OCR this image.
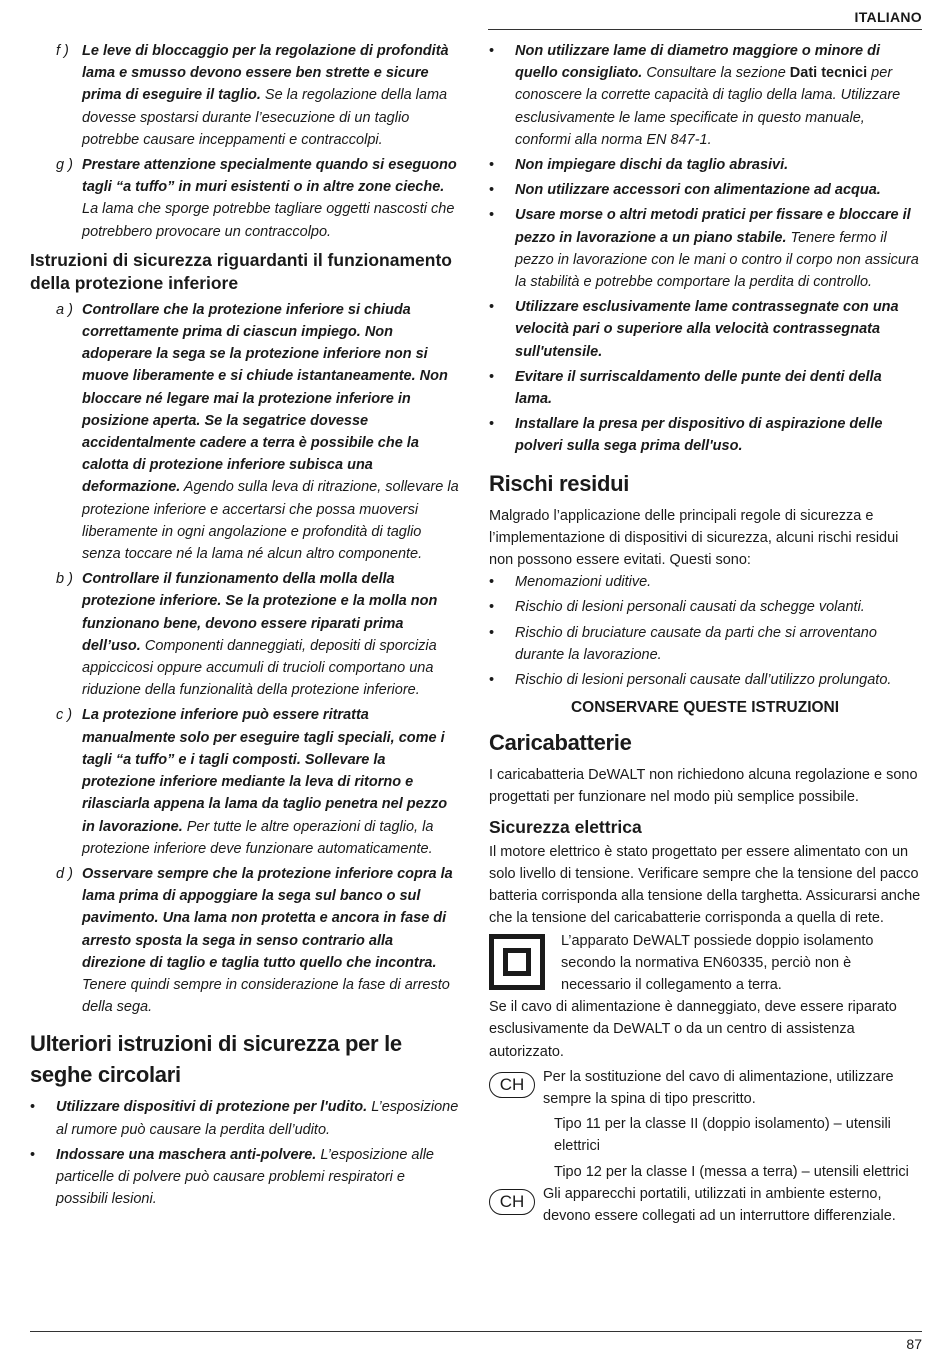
ITALIANO
f ) Le leve di bloccaggio per la regolazione di profondità lama e smusso devono essere ben strette e sicure prima di eseguire il taglio. Se la regolazione della lama dovesse spostarsi durante l’esecuzione di un taglio potrebbe causare inceppamenti e contraccolpi.
g ) Prestare attenzione specialmente quando si eseguono tagli “a tuffo” in muri esistenti o in altre zone cieche. La lama che sporge potrebbe tagliare oggetti nascosti che potrebbero provocare un contraccolpo.
Istruzioni di sicurezza riguardanti il funzionamento della protezione inferiore
a ) Controllare che la protezione inferiore si chiuda correttamente prima di ciascun impiego. Non adoperare la sega se la protezione inferiore non si muove liberamente e si chiude istantaneamente. Non bloccare né legare mai la protezione inferiore in posizione aperta. Se la segatrice dovesse accidentalmente cadere a terra è possibile che la calotta di protezione inferiore subisca una deformazione. Agendo sulla leva di ritrazione, sollevare la protezione inferiore e accertarsi che possa muoversi liberamente in ogni angolazione e profondità di taglio senza toccare né la lama né alcun altro componente.
b ) Controllare il funzionamento della molla della protezione inferiore. Se la protezione e la molla non funzionano bene, devono essere riparati prima dell’uso. Componenti danneggiati, depositi di sporcizia appiccicosi oppure accumuli di trucioli comportano una riduzione della funzionalità della protezione inferiore.
c ) La protezione inferiore può essere ritratta manualmente solo per eseguire tagli speciali, come i tagli “a tuffo” e i tagli composti. Sollevare la protezione inferiore mediante la leva di ritorno e rilasciarla appena la lama da taglio penetra nel pezzo in lavorazione. Per tutte le altre operazioni di taglio, la protezione inferiore deve funzionare automaticamente.
d ) Osservare sempre che la protezione inferiore copra la lama prima di appoggiare la sega sul banco o sul pavimento. Una lama non protetta e ancora in fase di arresto sposta la sega in senso contrario alla direzione di taglio e taglia tutto quello che incontra. Tenere quindi sempre in considerazione la fase di arresto della sega.
Ulteriori istruzioni di sicurezza per le seghe circolari
• Utilizzare dispositivi di protezione per l'udito. L’esposizione al rumore può causare la perdita dell’udito.
• Indossare una maschera anti-polvere. L’esposizione alle particelle di polvere può causare problemi respiratori e possibili lesioni.
• Non utilizzare lame di diametro maggiore o minore di quello consigliato. Consultare la sezione Dati tecnici per conoscere la corrette capacità di taglio della lama. Utilizzare esclusivamente le lame specificate in questo manuale, conformi alla norma EN 847-1.
• Non impiegare dischi da taglio abrasivi.
• Non utilizzare accessori con alimentazione ad acqua.
• Usare morse o altri metodi pratici per fissare e bloccare il pezzo in lavorazione a un piano stabile. Tenere fermo il pezzo in lavorazione con le mani o contro il corpo non assicura la stabilità e potrebbe comportare la perdita di controllo.
• Utilizzare esclusivamente lame contrassegnate con una velocità pari o superiore alla velocità contrassegnata sull'utensile.
• Evitare il surriscaldamento delle punte dei denti della lama.
• Installare la presa per dispositivo di aspirazione delle polveri sulla sega prima dell'uso.
Rischi residui

Malgrado l’applicazione delle principali regole di sicurezza e l’implementazione di dispositivi di sicurezza, alcuni rischi residui non possono essere evitati. Questi sono:

• Menomazioni uditive.
• Rischio di lesioni personali causati da schegge volanti.
• Rischio di bruciature causate da parti che si arroventano durante la lavorazione.
• Rischio di lesioni personali causate dall’utilizzo prolungato.
CONSERVARE QUESTE ISTRUZIONI
Caricabatterie

I caricabatteria DeWALT non richiedono alcuna regolazione e sono progettati per funzionare nel modo più semplice possibile.

Sicurezza elettrica

Il motore elettrico è stato progettato per essere alimentato con un solo livello di tensione. Verificare sempre che la tensione del pacco batteria corrisponda alla tensione della targhetta. Assicurarsi anche che la tensione del caricabatterie corrisponda a quella di rete.

L’apparato DeWALT possiede doppio isolamento secondo la normativa EN60335, perciò non è necessario il collegamento a terra.

Se il cavo di alimentazione è danneggiato, deve essere riparato esclusivamente da DeWALT o da un centro di assistenza autorizzato.

CH	Per la sostituzione del cavo di alimentazione, utilizzare sempre la spina di tipo prescritto.

Tipo 11 per la classe II (doppio isolamento) – utensili elettrici

Tipo 12 per la classe I (messa a terra) – utensili elettrici

CH	Gli apparecchi portatili, utilizzati in ambiente esterno, devono essere collegati ad un interruttore differenziale.

87
